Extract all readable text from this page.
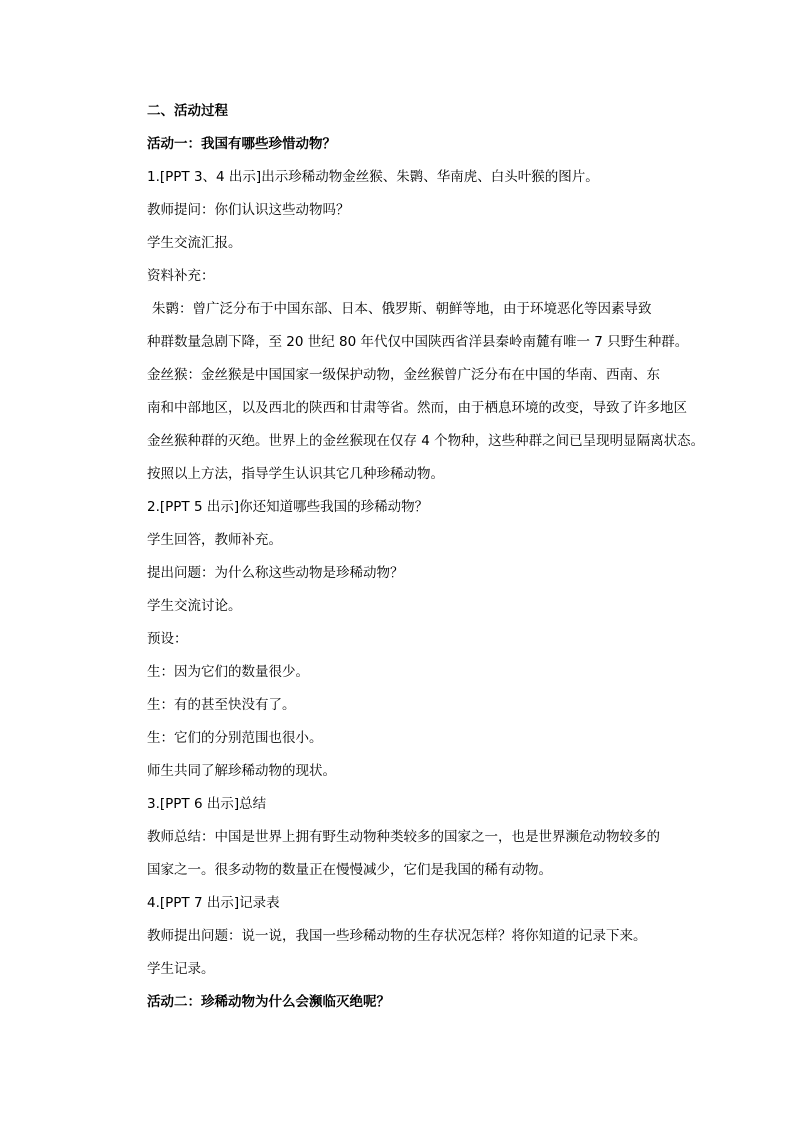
二、活动过程
活动一：我国有哪些珍惜动物？
1.[PPT 3、4 出示]出示珍稀动物金丝猴、朱鹮、华南虎、白头叶猴的图片。
教师提问：你们认识这些动物吗？
学生交流汇报。
资料补充：
朱鹮：曾广泛分布于中国东部、日本、俄罗斯、朝鲜等地，由于环境恶化等因素导致
种群数量急剧下降，至 20 世纪 80 年代仅中国陕西省洋县秦岭南麓有唯一 7 只野生种群。
金丝猴：金丝猴是中国国家一级保护动物，金丝猴曾广泛分布在中国的华南、西南、东
南和中部地区，以及西北的陕西和甘肃等省。然而，由于栖息环境的改变，导致了许多地区
金丝猴种群的灭绝。世界上的金丝猴现在仅存 4 个物种，这些种群之间已呈现明显隔离状态。
按照以上方法，指导学生认识其它几种珍稀动物。
2.[PPT 5 出示]你还知道哪些我国的珍稀动物？
学生回答，教师补充。
提出问题：为什么称这些动物是珍稀动物？
学生交流讨论。
预设：
生：因为它们的数量很少。
生：有的甚至快没有了。
生：它们的分别范围也很小。
师生共同了解珍稀动物的现状。
3.[PPT 6 出示]总结
教师总结：中国是世界上拥有野生动物种类较多的国家之一，也是世界濒危动物较多的
国家之一。很多动物的数量正在慢慢减少，它们是我国的稀有动物。
4.[PPT 7 出示]记录表
教师提出问题：说一说，我国一些珍稀动物的生存状况怎样？将你知道的记录下来。
学生记录。
活动二：珍稀动物为什么会濒临灭绝呢？
